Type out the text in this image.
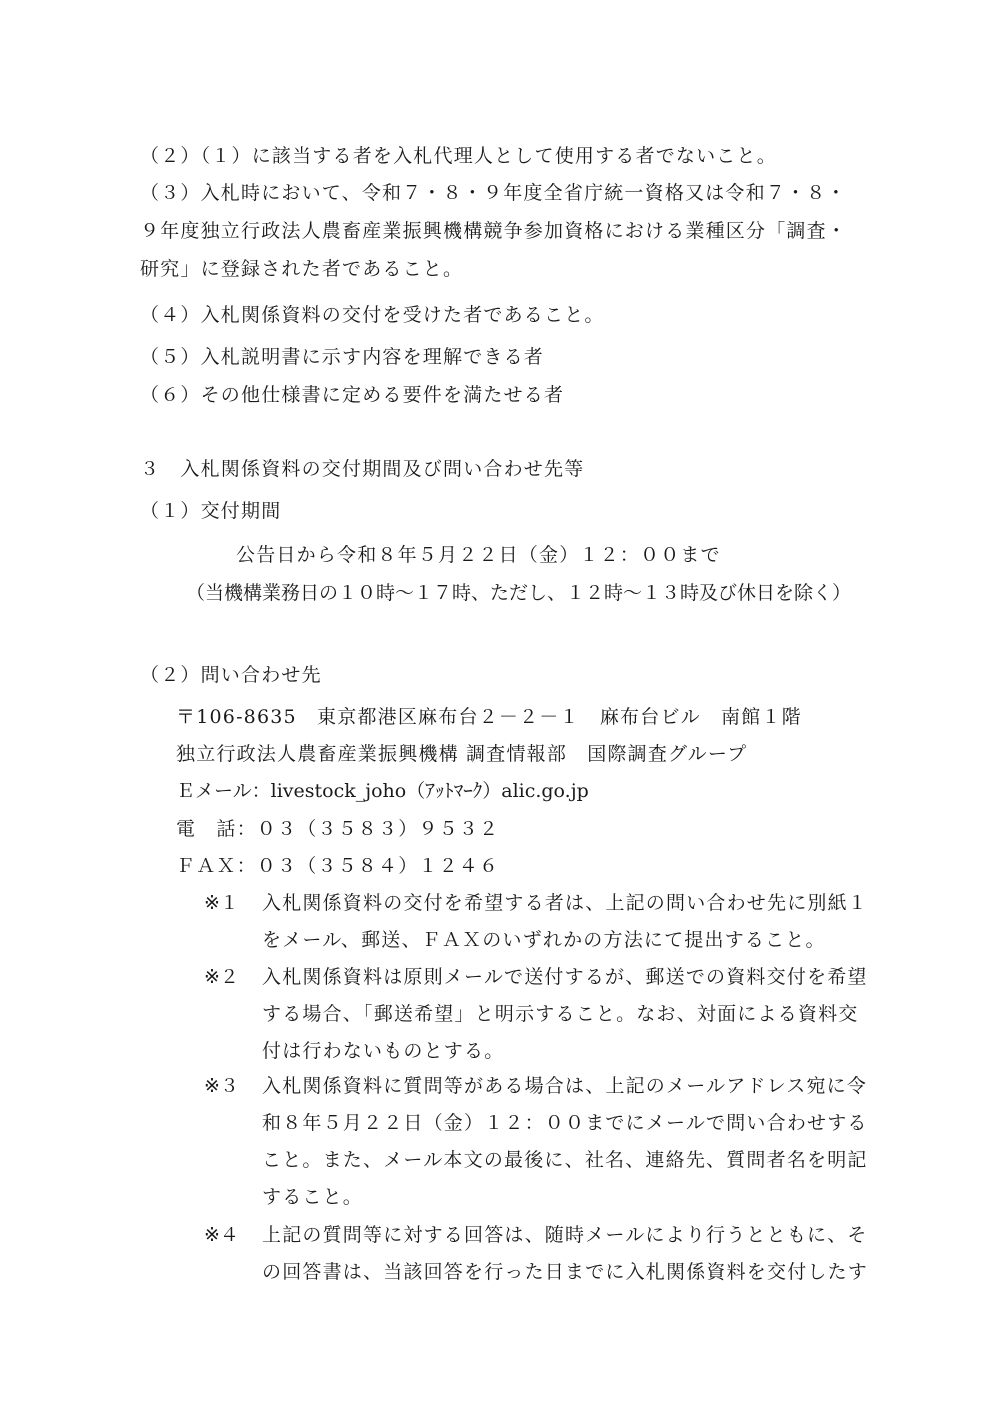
（２）（１）に該当する者を入札代理人として使用する者でないこと。
（３）入札時において、令和７・８・９年度全省庁統一資格又は令和７・８・
９年度独立行政法人農畜産業振興機構競争参加資格における業種区分「調査・
研究」に登録された者であること。
（４）入札関係資料の交付を受けた者であること。
（５）入札説明書に示す内容を理解できる者
（６）その他仕様書に定める要件を満たせる者
３　入札関係資料の交付期間及び問い合わせ先等
（１）交付期間
公告日から令和８年５月２２日（金）１２：００まで
（当機構業務日の１０時～１７時、ただし、１２時～１３時及び休日を除く）
（２）問い合わせ先
〒106-8635　東京都港区麻布台２－２－１　麻布台ビル　南館１階
独立行政法人農畜産業振興機構 調査情報部　国際調査グループ
Ｅメール：livestock_joho（ｱｯﾄﾏｰｸ）alic.go.jp
電　話：０３（３５８３）９５３２
ＦＡＸ：０３（３５８４）１２４６
※１ 入札関係資料の交付を希望する者は、上記の問い合わせ先に別紙１
をメール、郵送、ＦＡＸのいずれかの方法にて提出すること。
※２ 入札関係資料は原則メールで送付するが、郵送での資料交付を希望
する場合、「郵送希望」と明示すること。なお、対面による資料交
付は行わないものとする。
※３ 入札関係資料に質問等がある場合は、上記のメールアドレス宛に令
和８年５月２２日（金）１２：００までにメールで問い合わせする
こと。また、メール本文の最後に、社名、連絡先、質問者名を明記
すること。
※４ 上記の質問等に対する回答は、随時メールにより行うとともに、そ
の回答書は、当該回答を行った日までに入札関係資料を交付したす
